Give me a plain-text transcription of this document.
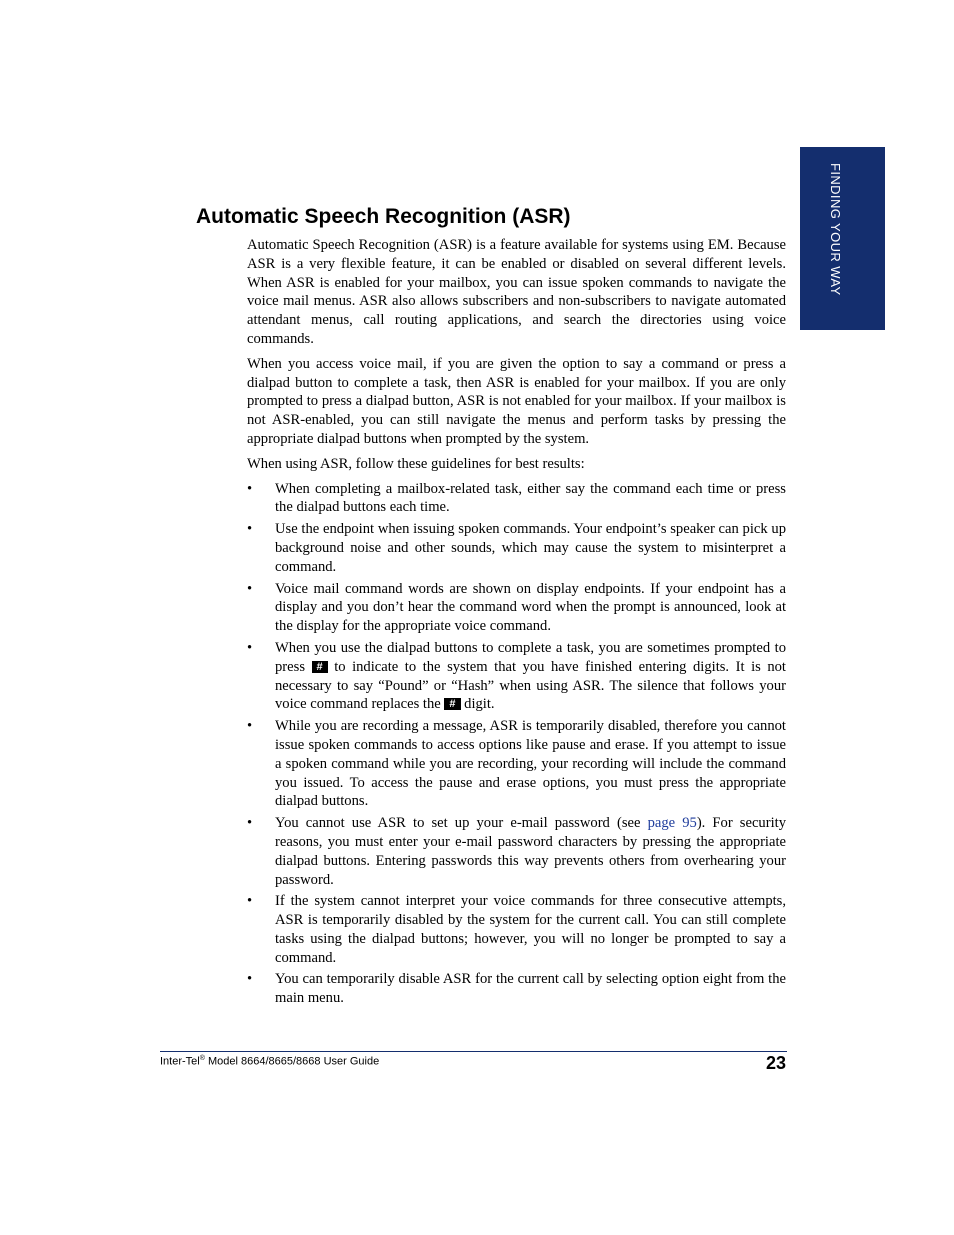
FINDING YOUR WAY
Automatic Speech Recognition (ASR)

Automatic Speech Recognition (ASR) is a feature available for systems using EM. Because ASR is a very flexible feature, it can be enabled or disabled on several different levels. When ASR is enabled for your mailbox, you can issue spoken commands to navigate the voice mail menus. ASR also allows subscribers and non-subscribers to navigate automated attendant menus, call routing applications, and search the directories using voice commands.

When you access voice mail, if you are given the option to say a command or press a dialpad button to complete a task, then ASR is enabled for your mailbox. If you are only prompted to press a dialpad button, ASR is not enabled for your mailbox. If your mailbox is not ASR-enabled, you can still navigate the menus and perform tasks by pressing the appropriate dialpad buttons when prompted by the system.

When using ASR, follow these guidelines for best results:

• When completing a mailbox-related task, either say the command each time or press the dialpad buttons each time.
• Use the endpoint when issuing spoken commands. Your endpoint’s speaker can pick up background noise and other sounds, which may cause the system to misinterpret a command.
• Voice mail command words are shown on display endpoints. If your endpoint has a display and you don’t hear the command word when the prompt is announced, look at the display for the appropriate voice command.
• When you use the dialpad buttons to complete a task, you are sometimes prompted to press # to indicate to the system that you have finished entering digits. It is not necessary to say “Pound” or “Hash” when using ASR. The silence that follows your voice command replaces the # digit.
• While you are recording a message, ASR is temporarily disabled, therefore you cannot issue spoken commands to access options like pause and erase. If you attempt to issue a spoken command while you are recording, your recording will include the command you issued. To access the pause and erase options, you must press the appropriate dialpad buttons.
• You cannot use ASR to set up your e-mail password (see page 95). For security reasons, you must enter your e-mail password characters by pressing the appropriate dialpad buttons. Entering passwords this way prevents others from overhearing your password.
• If the system cannot interpret your voice commands for three consecutive attempts, ASR is temporarily disabled by the system for the current call. You can still complete tasks using the dialpad buttons; however, you will no longer be prompted to say a command.
• You can temporarily disable ASR for the current call by selecting option eight from the main menu.
Inter-Tel® Model 8664/8665/8668 User Guide	23
